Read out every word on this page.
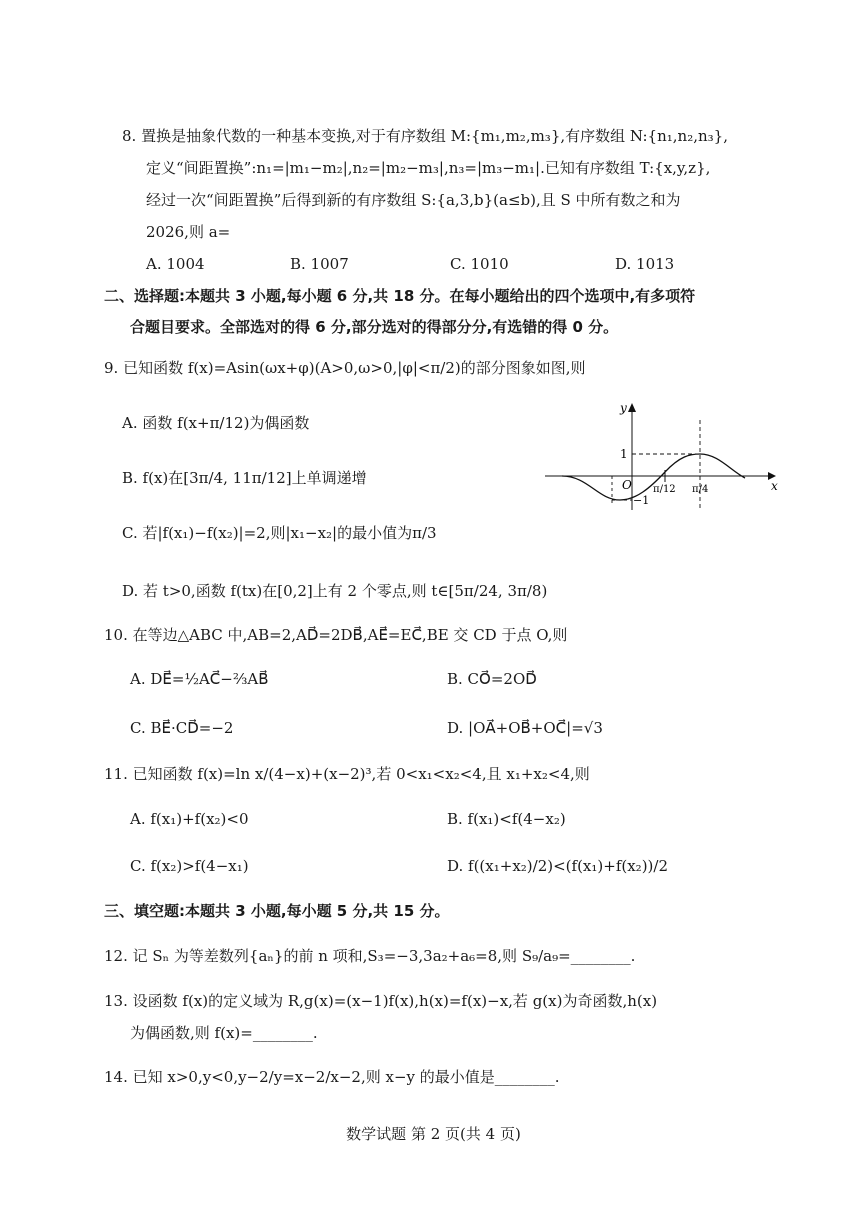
8. 置换是抽象代数的一种基本变换,对于有序数组 M:{m₁,m₂,m₃},有序数组 N:{n₁,n₂,n₃},
定义“间距置换”:n₁=|m₁−m₂|,n₂=|m₂−m₃|,n₃=|m₃−m₁|.已知有序数组 T:{x,y,z},
经过一次“间距置换”后得到新的有序数组 S:{a,3,b}(a≤b),且 S 中所有数之和为
2026,则 a=
A. 1004	B. 1007	C. 1010	D. 1013
二、选择题:本题共 3 小题,每小题 6 分,共 18 分。在每小题给出的四个选项中,有多项符
合题目要求。全部选对的得 6 分,部分选对的得部分分,有选错的得 0 分。
9. 已知函数 f(x)=Asin(ωx+φ)(A>0,ω>0,|φ|<π/2)的部分图象如图,则
A. 函数 f(x+π/12)为偶函数
B. f(x)在[3π/4, 11π/12]上单调递增
C. 若|f(x₁)−f(x₂)|=2,则|x₁−x₂|的最小值为π/3
D. 若 t>0,函数 f(tx)在[0,2]上有 2 个零点,则 t∈[5π/24, 3π/8)
y
x
O
1
−1
π/12 π/4
10. 在等边△ABC 中,AB=2,AD⃗=2DB⃗,AE⃗=EC⃗,BE 交 CD 于点 O,则
A. DE⃗=½AC⃗−⅔AB⃗	B. CO⃗=2OD⃗
C. BE⃗·CD⃗=−2	D. |OA⃗+OB⃗+OC⃗|=√3
11. 已知函数 f(x)=ln x/(4−x)+(x−2)³,若 0<x₁<x₂<4,且 x₁+x₂<4,则
A. f(x₁)+f(x₂)<0	B. f(x₁)<f(4−x₂)
C. f(x₂)>f(4−x₁)	D. f((x₁+x₂)/2)<(f(x₁)+f(x₂))/2
三、填空题:本题共 3 小题,每小题 5 分,共 15 分。
12. 记 Sₙ 为等差数列{aₙ}的前 n 项和,S₃=−3,3a₂+a₆=8,则 S₉/a₉=________.
13. 设函数 f(x)的定义域为 R,g(x)=(x−1)f(x),h(x)=f(x)−x,若 g(x)为奇函数,h(x)
为偶函数,则 f(x)=________.
14. 已知 x>0,y<0,y−2/y=x−2/x−2,则 x−y 的最小值是________.
数学试题 第 2 页(共 4 页)
